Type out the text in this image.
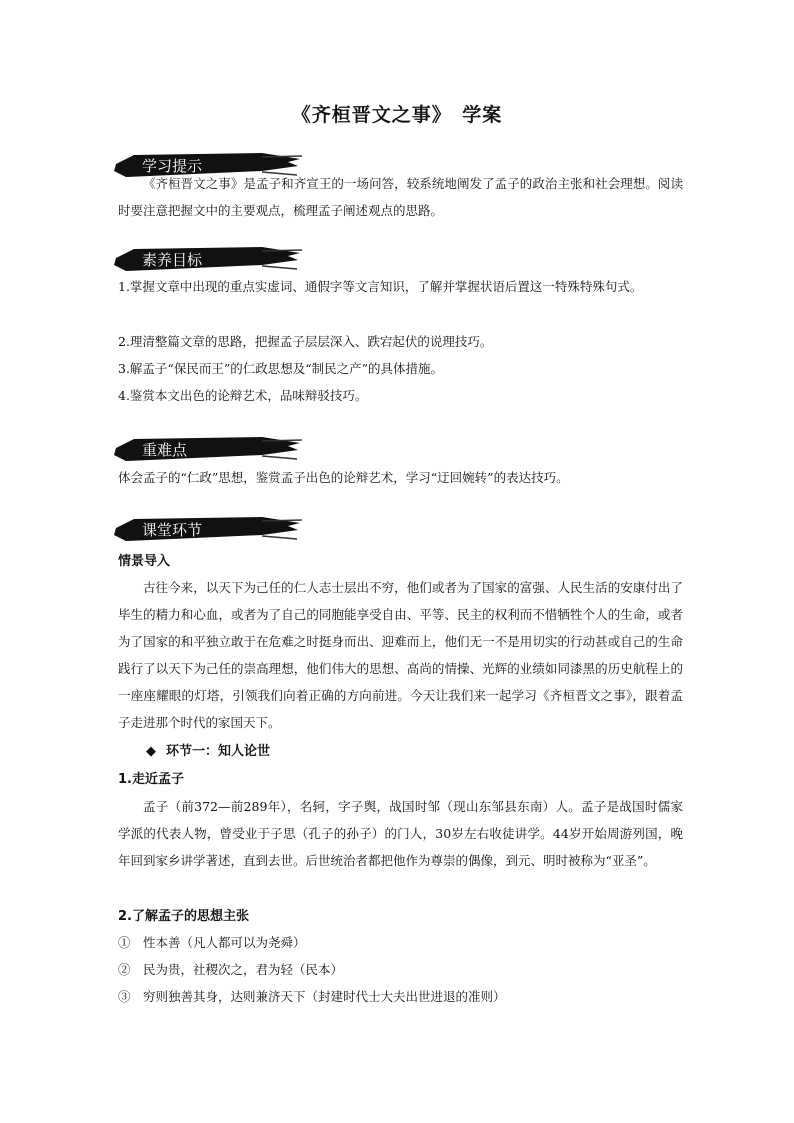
《齐桓晋文之事》　学案
学习提示
《齐桓晋文之事》是孟子和齐宣王的一场问答，较系统地阐发了孟子的政治主张和社会理想。阅读时要注意把握文中的主要观点，梳理孟子阐述观点的思路。
素养目标
1.掌握文章中出现的重点实虚词、通假字等文言知识，了解并掌握状语后置这一特殊特殊句式。
2.理清整篇文章的思路，把握孟子层层深入、跌宕起伏的说理技巧。
3.解孟子“保民而王”的仁政思想及“制民之产”的具体措施。
4.鉴赏本文出色的论辩艺术，品味辩驳技巧。
重难点
体会孟子的“仁政”思想，鉴赏孟子出色的论辩艺术，学习“迂回婉转”的表达技巧。
课堂环节
情景导入
古往今来，以天下为己任的仁人志士层出不穷，他们或者为了国家的富强、人民生活的安康付出了毕生的精力和心血，或者为了自己的同胞能享受自由、平等、民主的权利而不惜牺牲个人的生命，或者为了国家的和平独立敢于在危难之时挺身而出、迎难而上，他们无一不是用切实的行动甚或自己的生命践行了以天下为己任的崇高理想，他们伟大的思想、高尚的情操、光辉的业绩如同漆黑的历史航程上的一座座耀眼的灯塔，引领我们向着正确的方向前进。今天让我们来一起学习《齐桓晋文之事》，跟着孟子走进那个时代的家国天下。
◆ 环节一：知人论世
1.走近孟子
孟子（前372—前289年），名轲，字子舆，战国时邹（现山东邹县东南）人。孟子是战国时儒家学派的代表人物，曾受业于子思（孔子的孙子）的门人，30岁左右收徒讲学。44岁开始周游列国，晚年回到家乡讲学著述，直到去世。后世统治者都把他作为尊崇的偶像，到元、明时被称为“亚圣”。
2.了解孟子的思想主张
①　性本善（凡人都可以为尧舜）
②　民为贵，社稷次之，君为轻（民本）
③　穷则独善其身，达则兼济天下（封建时代士大夫出世进退的准则）
